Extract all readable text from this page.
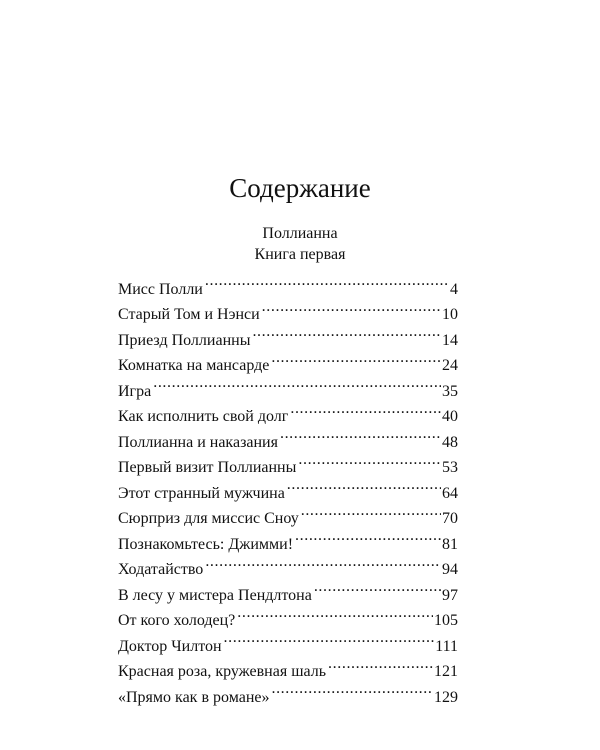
Содержание
Поллианна
Книга первая
Мисс Полли .....	4
Старый Том и Нэнси .....	10
Приезд Поллианны .....	14
Комнатка на мансарде .....	24
Игра .....	35
Как исполнить свой долг .....	40
Поллианна и наказания .....	48
Первый визит Поллианны .....	53
Этот странный мужчина .....	64
Сюрприз для миссис Сноу .....	70
Познакомьтесь: Джимми! .....	81
Ходатайство .....	94
В лесу у мистера Пендлтона .....	97
От кого холодец? .....	105
Доктор Чилтон .....	111
Красная роза, кружевная шаль .....	121
«Прямо как в романе» .....	129
